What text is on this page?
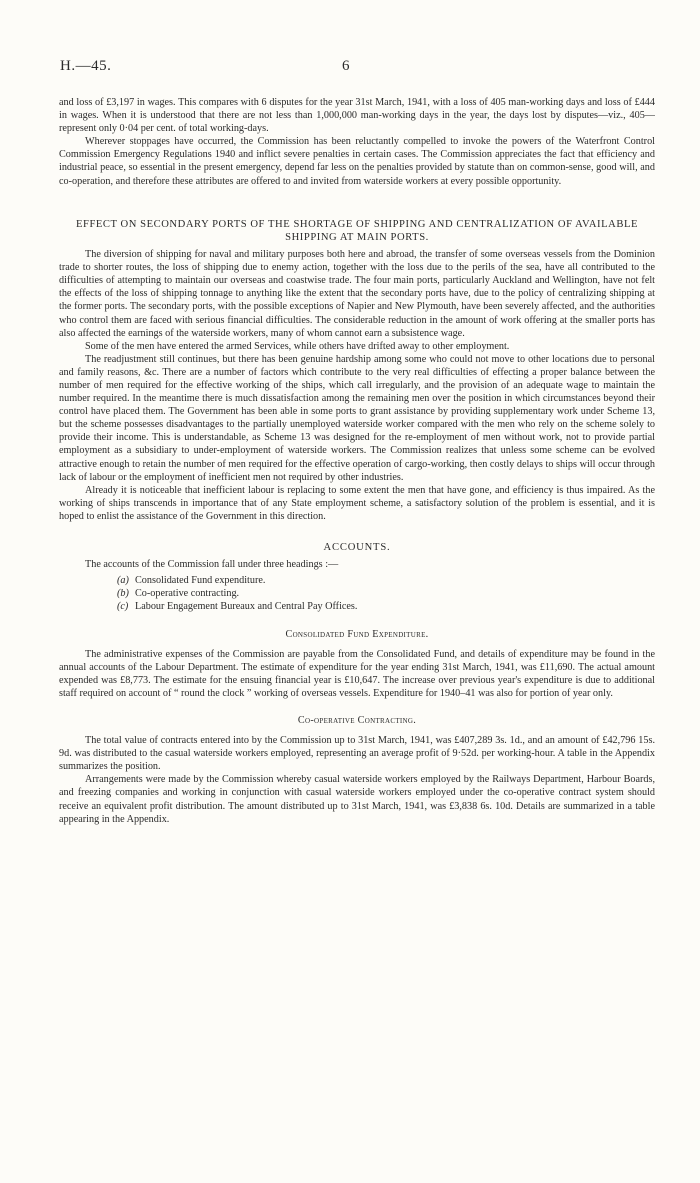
H.—45.	6

and loss of £3,197 in wages. This compares with 6 disputes for the year 31st March, 1941, with a loss of 405 man-working days and loss of £444 in wages. When it is understood that there are not less than 1,000,000 man-working days in the year, the days lost by disputes—viz., 405—represent only 0·04 per cent. of total working-days.

Wherever stoppages have occurred, the Commission has been reluctantly compelled to invoke the powers of the Waterfront Control Commission Emergency Regulations 1940 and inflict severe penalties in certain cases. The Commission appreciates the fact that efficiency and industrial peace, so essential in the present emergency, depend far less on the penalties provided by statute than on common-sense, good will, and co-operation, and therefore these attributes are offered to and invited from waterside workers at every possible opportunity.

EFFECT ON SECONDARY PORTS OF THE SHORTAGE OF SHIPPING AND CENTRALIZATION OF AVAILABLE SHIPPING AT MAIN PORTS.

The diversion of shipping for naval and military purposes both here and abroad, the transfer of some overseas vessels from the Dominion trade to shorter routes, the loss of shipping due to enemy action, together with the loss due to the perils of the sea, have all contributed to the difficulties of attempting to maintain our overseas and coastwise trade. The four main ports, particularly Auckland and Wellington, have not felt the effects of the loss of shipping tonnage to anything like the extent that the secondary ports have, due to the policy of centralizing shipping at the former ports. The secondary ports, with the possible exceptions of Napier and New Plymouth, have been severely affected, and the authorities who control them are faced with serious financial difficulties. The considerable reduction in the amount of work offering at the smaller ports has also affected the earnings of the waterside workers, many of whom cannot earn a subsistence wage.

Some of the men have entered the armed Services, while others have drifted away to other employment.

The readjustment still continues, but there has been genuine hardship among some who could not move to other locations due to personal and family reasons, &c. There are a number of factors which contribute to the very real difficulties of effecting a proper balance between the number of men required for the effective working of the ships, which call irregularly, and the provision of an adequate wage to maintain the number required. In the meantime there is much dissatisfaction among the remaining men over the position in which circumstances beyond their control have placed them. The Government has been able in some ports to grant assistance by providing supplementary work under Scheme 13, but the scheme possesses disadvantages to the partially unemployed waterside worker compared with the men who rely on the scheme solely to provide their income. This is understandable, as Scheme 13 was designed for the re-employment of men without work, not to provide partial employment as a subsidiary to under-employment of waterside workers. The Commission realizes that unless some scheme can be evolved attractive enough to retain the number of men required for the effective operation of cargo-working, then costly delays to ships will occur through lack of labour or the employment of inefficient men not required by other industries.

Already it is noticeable that inefficient labour is replacing to some extent the men that have gone, and efficiency is thus impaired. As the working of ships transcends in importance that of any State employment scheme, a satisfactory solution of the problem is essential, and it is hoped to enlist the assistance of the Government in this direction.

ACCOUNTS.

The accounts of the Commission fall under three headings :—

(a) Consolidated Fund expenditure.
(b) Co-operative contracting.
(c) Labour Engagement Bureaux and Central Pay Offices.
Consolidated Fund Expenditure.

The administrative expenses of the Commission are payable from the Consolidated Fund, and details of expenditure may be found in the annual accounts of the Labour Department. The estimate of expenditure for the year ending 31st March, 1941, was £11,690. The actual amount expended was £8,773. The estimate for the ensuing financial year is £10,647. The increase over previous year's expenditure is due to additional staff required on account of “ round the clock ” working of overseas vessels. Expenditure for 1940–41 was also for portion of year only.

Co-operative Contracting.

The total value of contracts entered into by the Commission up to 31st March, 1941, was £407,289 3s. 1d., and an amount of £42,796 15s. 9d. was distributed to the casual waterside workers employed, representing an average profit of 9·52d. per working-hour. A table in the Appendix summarizes the position.

Arrangements were made by the Commission whereby casual waterside workers employed by the Railways Department, Harbour Boards, and freezing companies and working in conjunction with casual waterside workers employed under the co-operative contract system should receive an equivalent profit distribution. The amount distributed up to 31st March, 1941, was £3,838 6s. 10d. Details are summarized in a table appearing in the Appendix.
